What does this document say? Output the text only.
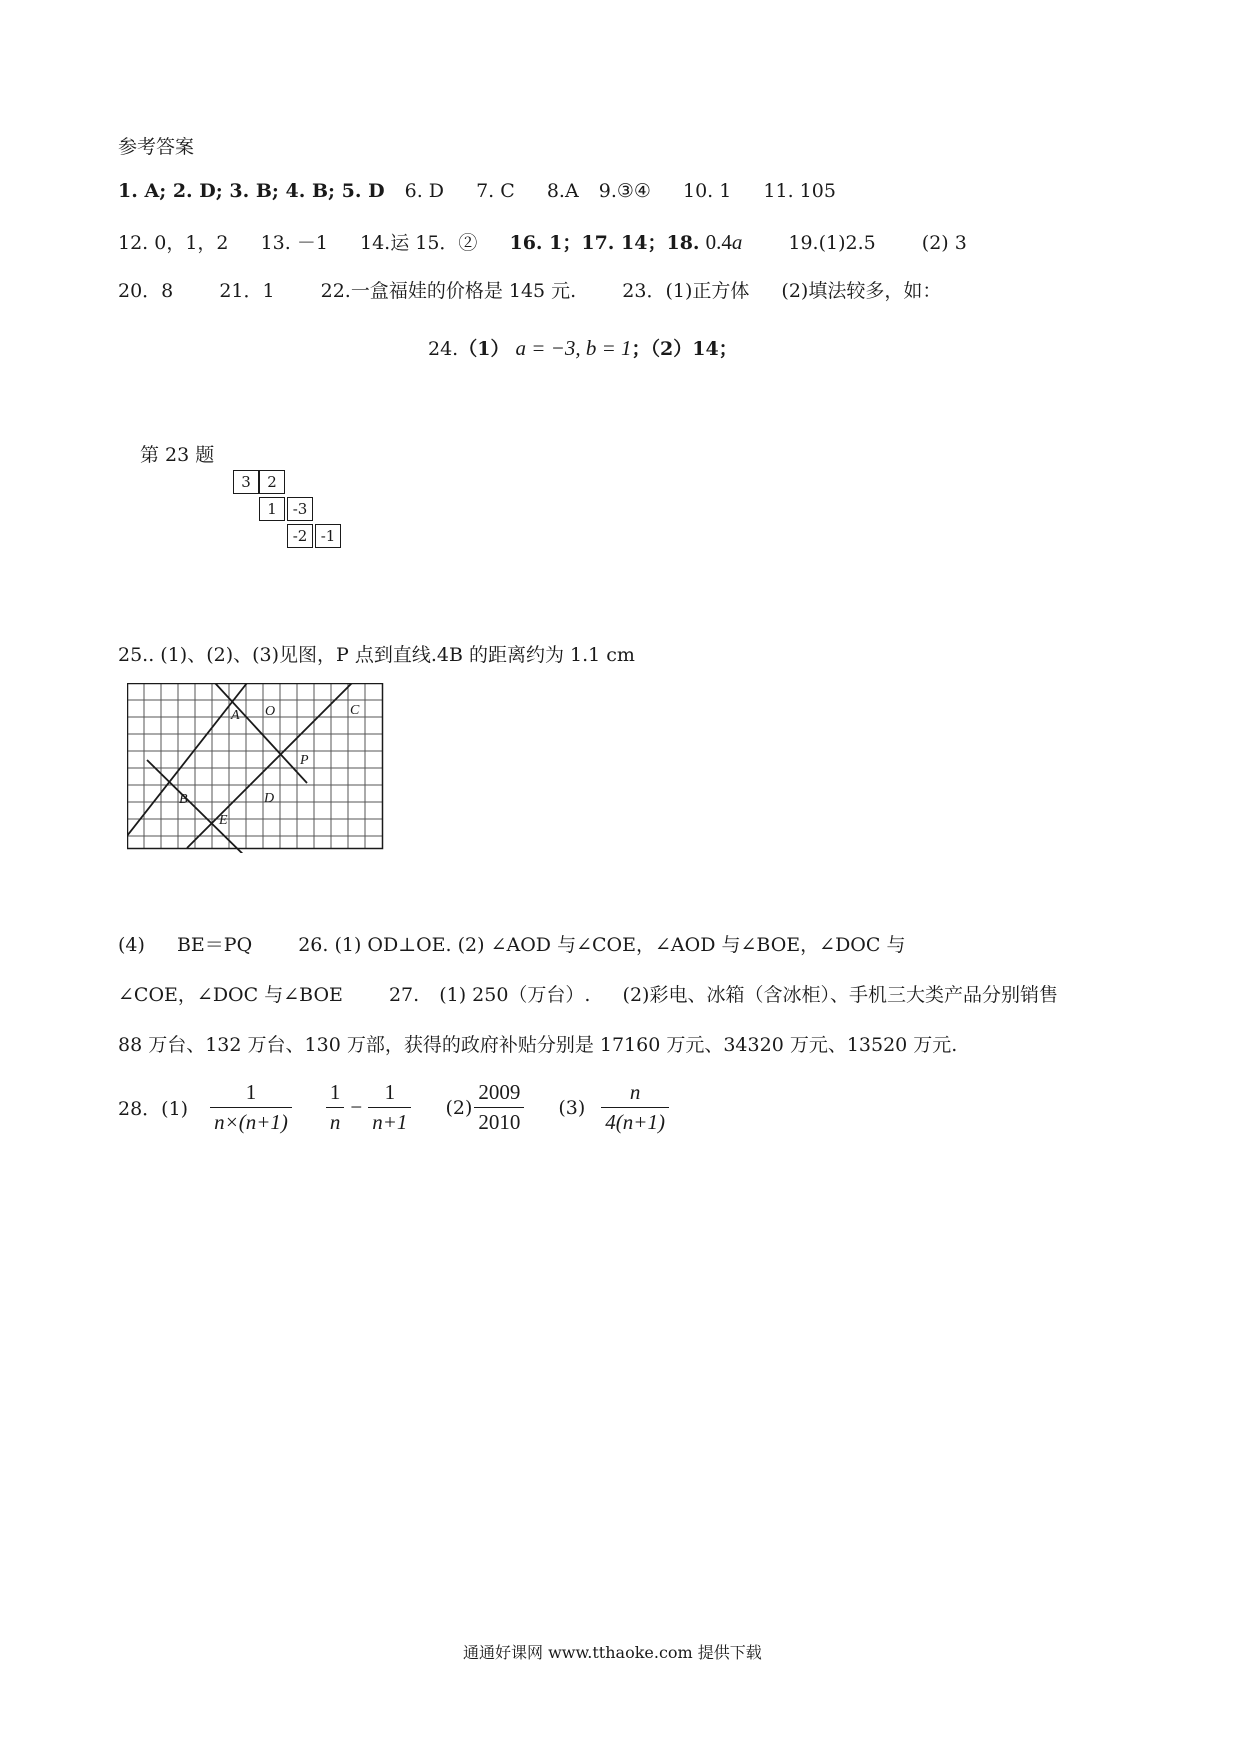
参考答案
1. A; 2. D; 3. B; 4. B; 5. D 6. D 7. C 8.A 9.③④ 10. 1 11. 105
12. 0，1，2 13. －1 14.运 15．② 16. 1；17. 14；18. 0.4a 19.(1)2.5 (2) 3
20．8 21．1 22.一盒福娃的价格是 145 元. 23．(1)正方体 (2)填法较多，如：
24.（1） a = −3, b = 1；（2）14；
第 23 题
3	2
1	-3
-2 -1
25.. (1)、(2)、(3)见图，P 点到直线.4B 的距离约为 1.1 cm
A O	C
P
B	D
E
(4) BE＝PQ 26. (1) OD⊥OE. (2) ∠AOD 与∠COE，∠AOD 与∠BOE，∠DOC 与
∠COE，∠DOC 与∠BOE 27. (1) 250（万台）. (2)彩电、冰箱（含冰柜）、手机三大类产品分别销售
88 万台、132 万台、130 万部，获得的政府补贴分别是 17160 万元、34320 万元、13520 万元.
28．$(1) \frac{1}{n\times(n+1)} \frac{1}{n} - \frac{1}{n+1} (2) \frac{2009}{2010} (3) \frac{n}{4(n+1)}$
通通好课网 www.tthaoke.com 提供下载
